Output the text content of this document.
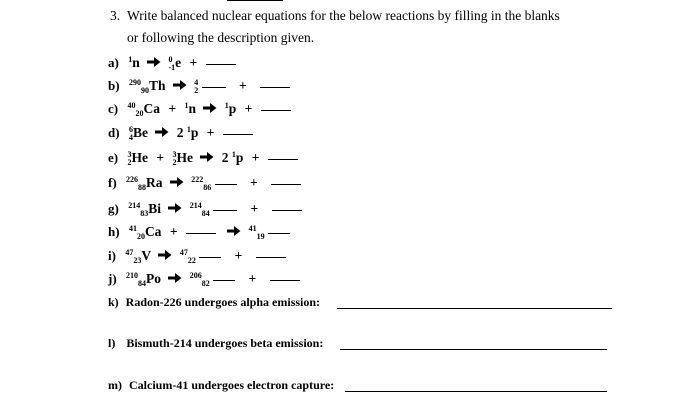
3. Write balanced nuclear equations for the below reactions by filling in the blanks
or following the description given.
a) 1n	0-1e +
b) 29090Th	42	+
c) 4020Ca + 1n	1p +
d) 64Be 2 1p +
e) 32He + 32He 2 1p +
f) 22688Ra	22286	+
g) 21483Bi	21484	+
h) 4120Ca +	4119
i) 4723V	4722	+
j) 21084Po	20682	+
k) Radon-226 undergoes alpha emission:
l) Bismuth-214 undergoes beta emission:
m) Calcium-41 undergoes electron capture:
